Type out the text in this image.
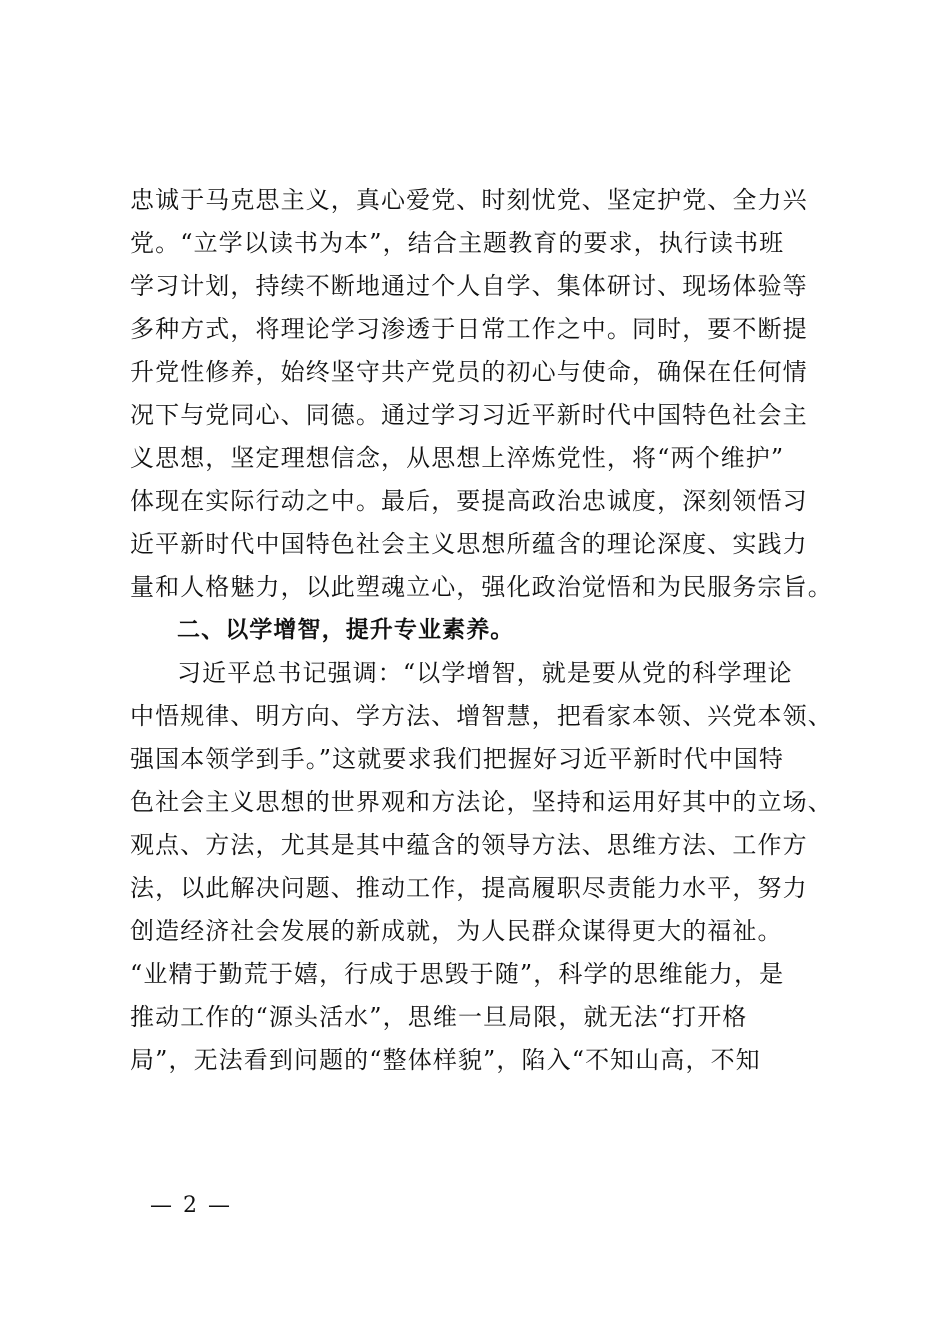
忠诚于马克思主义，真心爱党、时刻忧党、坚定护党、全力兴
党。“立学以读书为本”，结合主题教育的要求，执行读书班
学习计划，持续不断地通过个人自学、集体研讨、现场体验等
多种方式，将理论学习渗透于日常工作之中。同时，要不断提
升党性修养，始终坚守共产党员的初心与使命，确保在任何情
况下与党同心、同德。通过学习习近平新时代中国特色社会主
义思想，坚定理想信念，从思想上淬炼党性，将“两个维护”
体现在实际行动之中。最后，要提高政治忠诚度，深刻领悟习
近平新时代中国特色社会主义思想所蕴含的理论深度、实践力
量和人格魅力，以此塑魂立心，强化政治觉悟和为民服务宗旨。
二、以学增智，提升专业素养。
习近平总书记强调：“以学增智，就是要从党的科学理论
中悟规律、明方向、学方法、增智慧，把看家本领、兴党本领、
强国本领学到手。”这就要求我们把握好习近平新时代中国特
色社会主义思想的世界观和方法论，坚持和运用好其中的立场、
观点、方法，尤其是其中蕴含的领导方法、思维方法、工作方
法，以此解决问题、推动工作，提高履职尽责能力水平，努力
创造经济社会发展的新成就，为人民群众谋得更大的福祉。
“业精于勤荒于嬉，行成于思毁于随”，科学的思维能力，是
推动工作的“源头活水”，思维一旦局限，就无法“打开格
局”，无法看到问题的“整体样貌”，陷入“不知山高，不知
— 2 —
